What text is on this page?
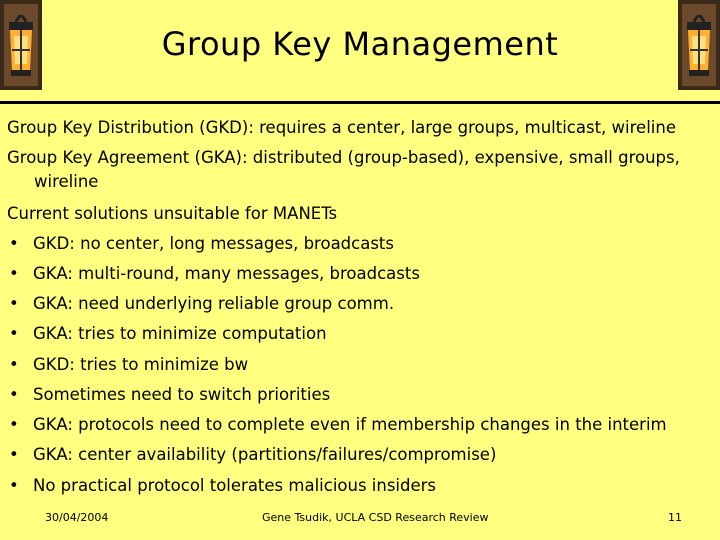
Group Key Management
Group Key Distribution (GKD): requires a center, large groups, multicast, wireline
Group Key Agreement (GKA): distributed (group-based), expensive, small groups,
wireline
Current solutions unsuitable for MANETs
• GKD: no center, long messages, broadcasts
• GKA: multi-round, many messages, broadcasts
• GKA: need underlying reliable group comm.
• GKA: tries to minimize computation
• GKD: tries to minimize bw
• Sometimes need to switch priorities
• GKA: protocols need to complete even if membership changes in the interim
• GKA: center availability (partitions/failures/compromise)
• No practical protocol tolerates malicious insiders
30/04/2004	Gene Tsudik, UCLA CSD Research Review	11
